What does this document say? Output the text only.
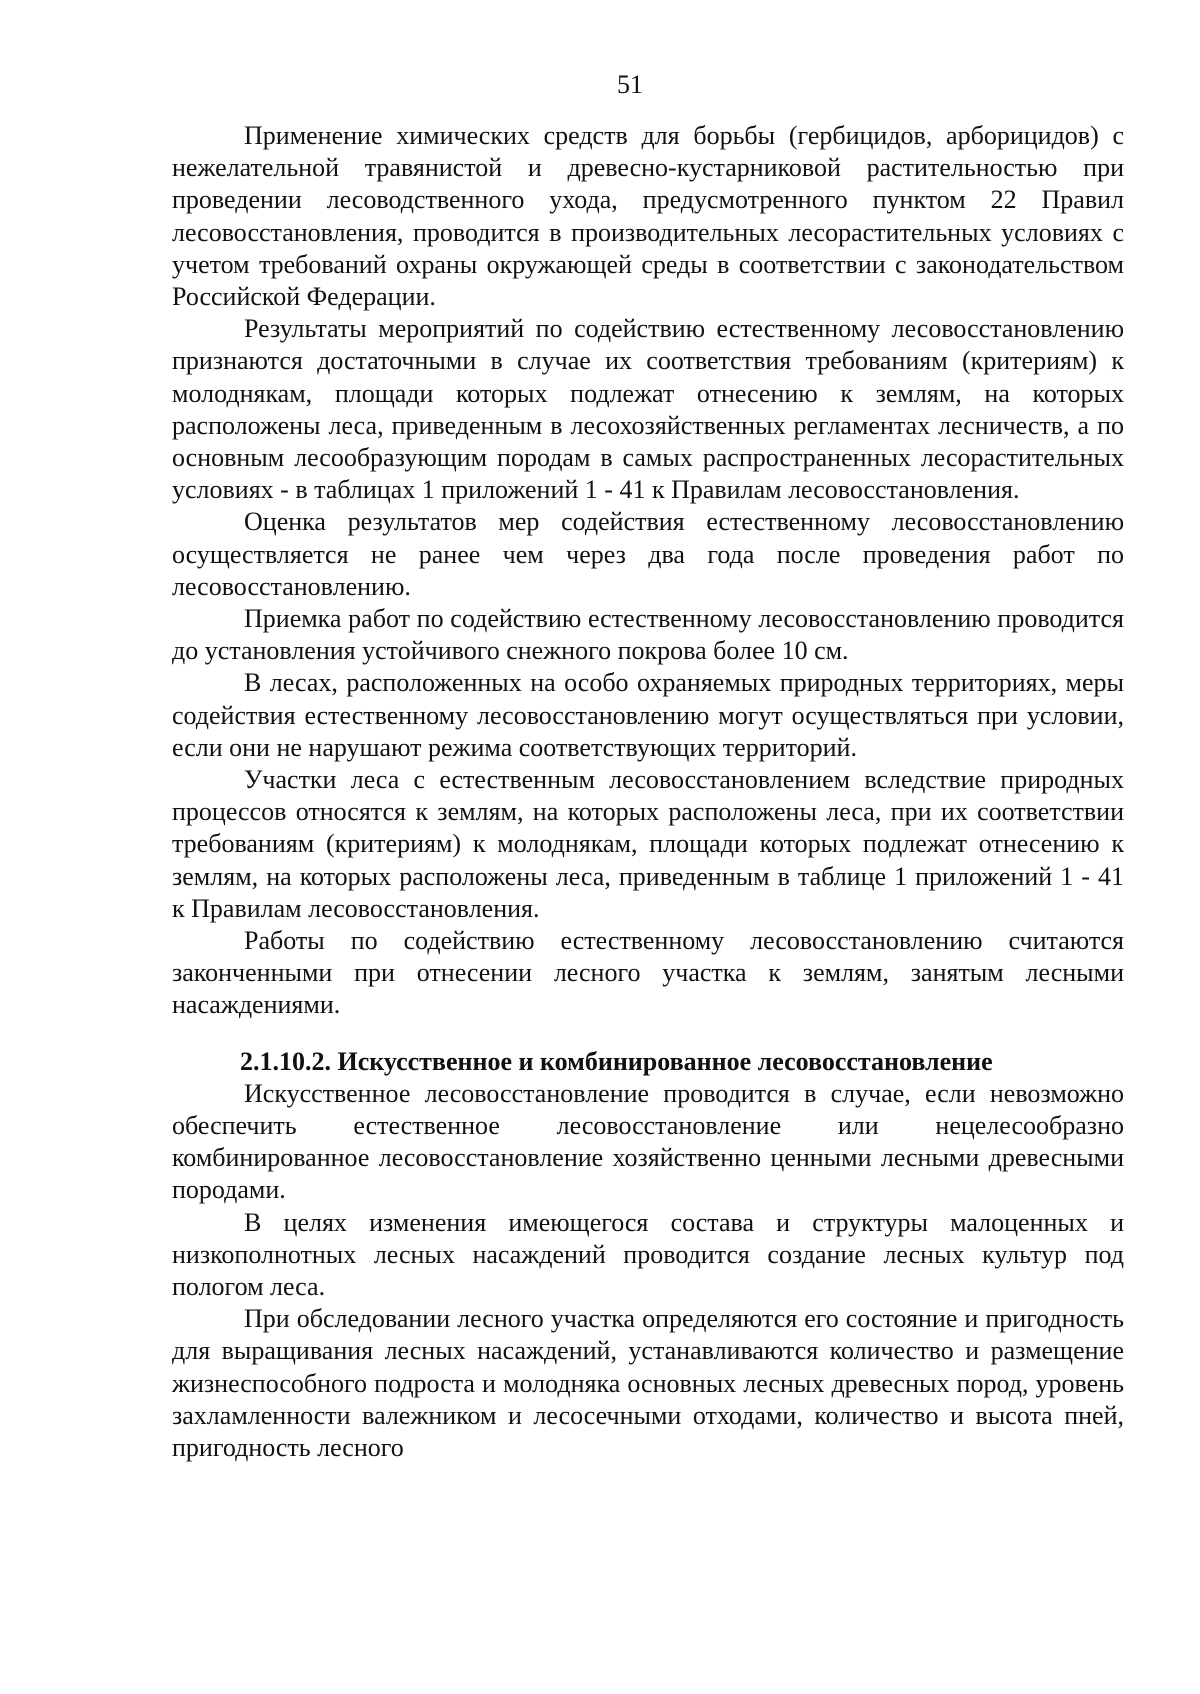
51

Применение химических средств для борьбы (гербицидов, арборицидов) с нежелательной травянистой и древесно-кустарниковой растительностью при проведении лесоводственного ухода, предусмотренного пунктом 22 Правил лесовосстановления, проводится в производительных лесорастительных условиях с учетом требований охраны окружающей среды в соответствии с законодательством Российской Федерации.

Результаты мероприятий по содействию естественному лесовосстановлению признаются достаточными в случае их соответствия требованиям (критериям) к молоднякам, площади которых подлежат отнесению к землям, на которых расположены леса, приведенным в лесохозяйственных регламентах лесничеств, а по основным лесообразующим породам в самых распространенных лесорастительных условиях - в таблицах 1 приложений 1 - 41 к Правилам лесовосстановления.

Оценка результатов мер содействия естественному лесовосстановлению осуществляется не ранее чем через два года после проведения работ по лесовосстановлению.

Приемка работ по содействию естественному лесовосстановлению проводится до установления устойчивого снежного покрова более 10 см.

В лесах, расположенных на особо охраняемых природных территориях, меры содействия естественному лесовосстановлению могут осуществляться при условии, если они не нарушают режима соответствующих территорий.

Участки леса с естественным лесовосстановлением вследствие природных процессов относятся к землям, на которых расположены леса, при их соответствии требованиям (критериям) к молоднякам, площади которых подлежат отнесению к землям, на которых расположены леса, приведенным в таблице 1 приложений 1 - 41 к Правилам лесовосстановления.

Работы по содействию естественному лесовосстановлению считаются законченными при отнесении лесного участка к землям, занятым лесными насаждениями.

2.1.10.2. Искусственное и комбинированное лесовосстановление

Искусственное лесовосстановление проводится в случае, если невозможно обеспечить естественное лесовосстановление или нецелесообразно комбинированное лесовосстановление хозяйственно ценными лесными древесными породами.

В целях изменения имеющегося состава и структуры малоценных и низкополнотных лесных насаждений проводится создание лесных культур под пологом леса.

При обследовании лесного участка определяются его состояние и пригодность для выращивания лесных насаждений, устанавливаются количество и размещение жизнеспособного подроста и молодняка основных лесных древесных пород, уровень захламленности валежником и лесосечными отходами, количество и высота пней, пригодность лесного
